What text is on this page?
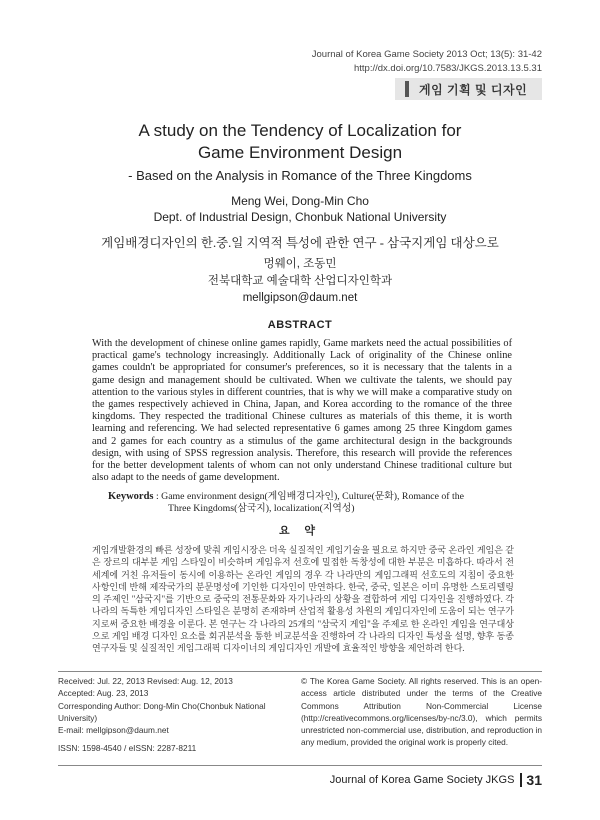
Journal of Korea Game Society 2013 Oct; 13(5): 31-42
http://dx.doi.org/10.7583/JKGS.2013.13.5.31
게임 기획 및 디자인
A study on the Tendency of Localization for
Game Environment Design
- Based on the Analysis in Romance of the Three Kingdoms
Meng Wei, Dong-Min Cho
Dept. of Industrial Design, Chonbuk National University
게임배경디자인의 한.중.일 지역적 특성에 관한 연구 - 삼국지게임 대상으로
멍웨이, 조동민
전북대학교 예술대학 산업디자인학과
mellgipson@daum.net
ABSTRACT
With the development of chinese online games rapidly, Game markets need the actual possibilities of practical game's technology increasingly. Additionally Lack of originality of the Chinese online games couldn't be appropriated for consumer's preferences, so it is necessary that the talents in a game design and management should be cultivated. When we cultivate the talents, we should pay attention to the various styles in different countries, that is why we will make a comparative study on the games respectively achieved in China, Japan, and Korea according to the romance of the three kingdoms. They respected the traditional Chinese cultures as materials of this theme, it is worth learning and referencing. We had selected representative 6 games among 25 three Kingdom games and 2 games for each country as a stimulus of the game architectural design in the backgrounds design, with using of SPSS regression analysis. Therefore, this research will provide the references for the better development talents of whom can not only understand Chinese traditional culture but also adapt to the needs of game development.
Keywords : Game environment design(게임배경디자인), Culture(문화), Romance of the
Three Kingdoms(삼국지), localization(지역성)
요 약
게임개발환경의 빠른 성장에 맞춰 게임시장은 더욱 실질적인 게임기술을 필요로 하지만 중국 온라인 게임은 같은 장르의 대부분 게임 스타일이 비슷하며 게임유저 선호에 밀접한 독창성에 대한 부분은 미흡하다. 따라서 전 세계에 거친 유저들이 동시에 이용하는 온라인 게임의 경우 각 나라만의 게임그래픽 선호도의 지침이 중요한 사항인데 반해 제작국가의 분문명성에 기인한 디자인이 만연하다. 한국, 중국, 일본은 이미 유명한 스토리텔링의 주제인 "삼국지"를 기반으로 중국의 전통문화와 자기나라의 상황을 결합하여 게임 디자인을 진행하였다. 각 나라의 독특한 게임디자인 스타일은 분명히 존재하며 산업적 활용성 차원의 게임디자인에 도움이 되는 연구가 지로써 중요한 배경을 이룬다. 본 연구는 각 나라의 25개의 "삼국지 게임"을 주제로 한 온라인 게임을 연구대상으로 게임 배경 디자인 요소를 회귀분석을 통한 비교분석을 진행하여 각 나라의 디자인 특성을 설명, 향후 동종연구자들 및 실질적인 게임그래픽 디자이너의 게임디자인 개발에 효율적인 방향을 제언하려 한다.
Received: Jul. 22, 2013 Revised: Aug. 12, 2013
Accepted: Aug. 23, 2013
Corresponding Author: Dong-Min Cho(Chonbuk National University)
E-mail: mellgipson@daum.net
ISSN: 1598-4540 / eISSN: 2287-8211
© The Korea Game Society. All rights reserved. This is an open-access article distributed under the terms of the Creative Commons Attribution Non-Commercial License (http://creativecommons.org/licenses/by-nc/3.0), which permits unrestricted non-commercial use, distribution, and reproduction in any medium, provided the original work is properly cited.
Journal of Korea Game Society JKGS 31
